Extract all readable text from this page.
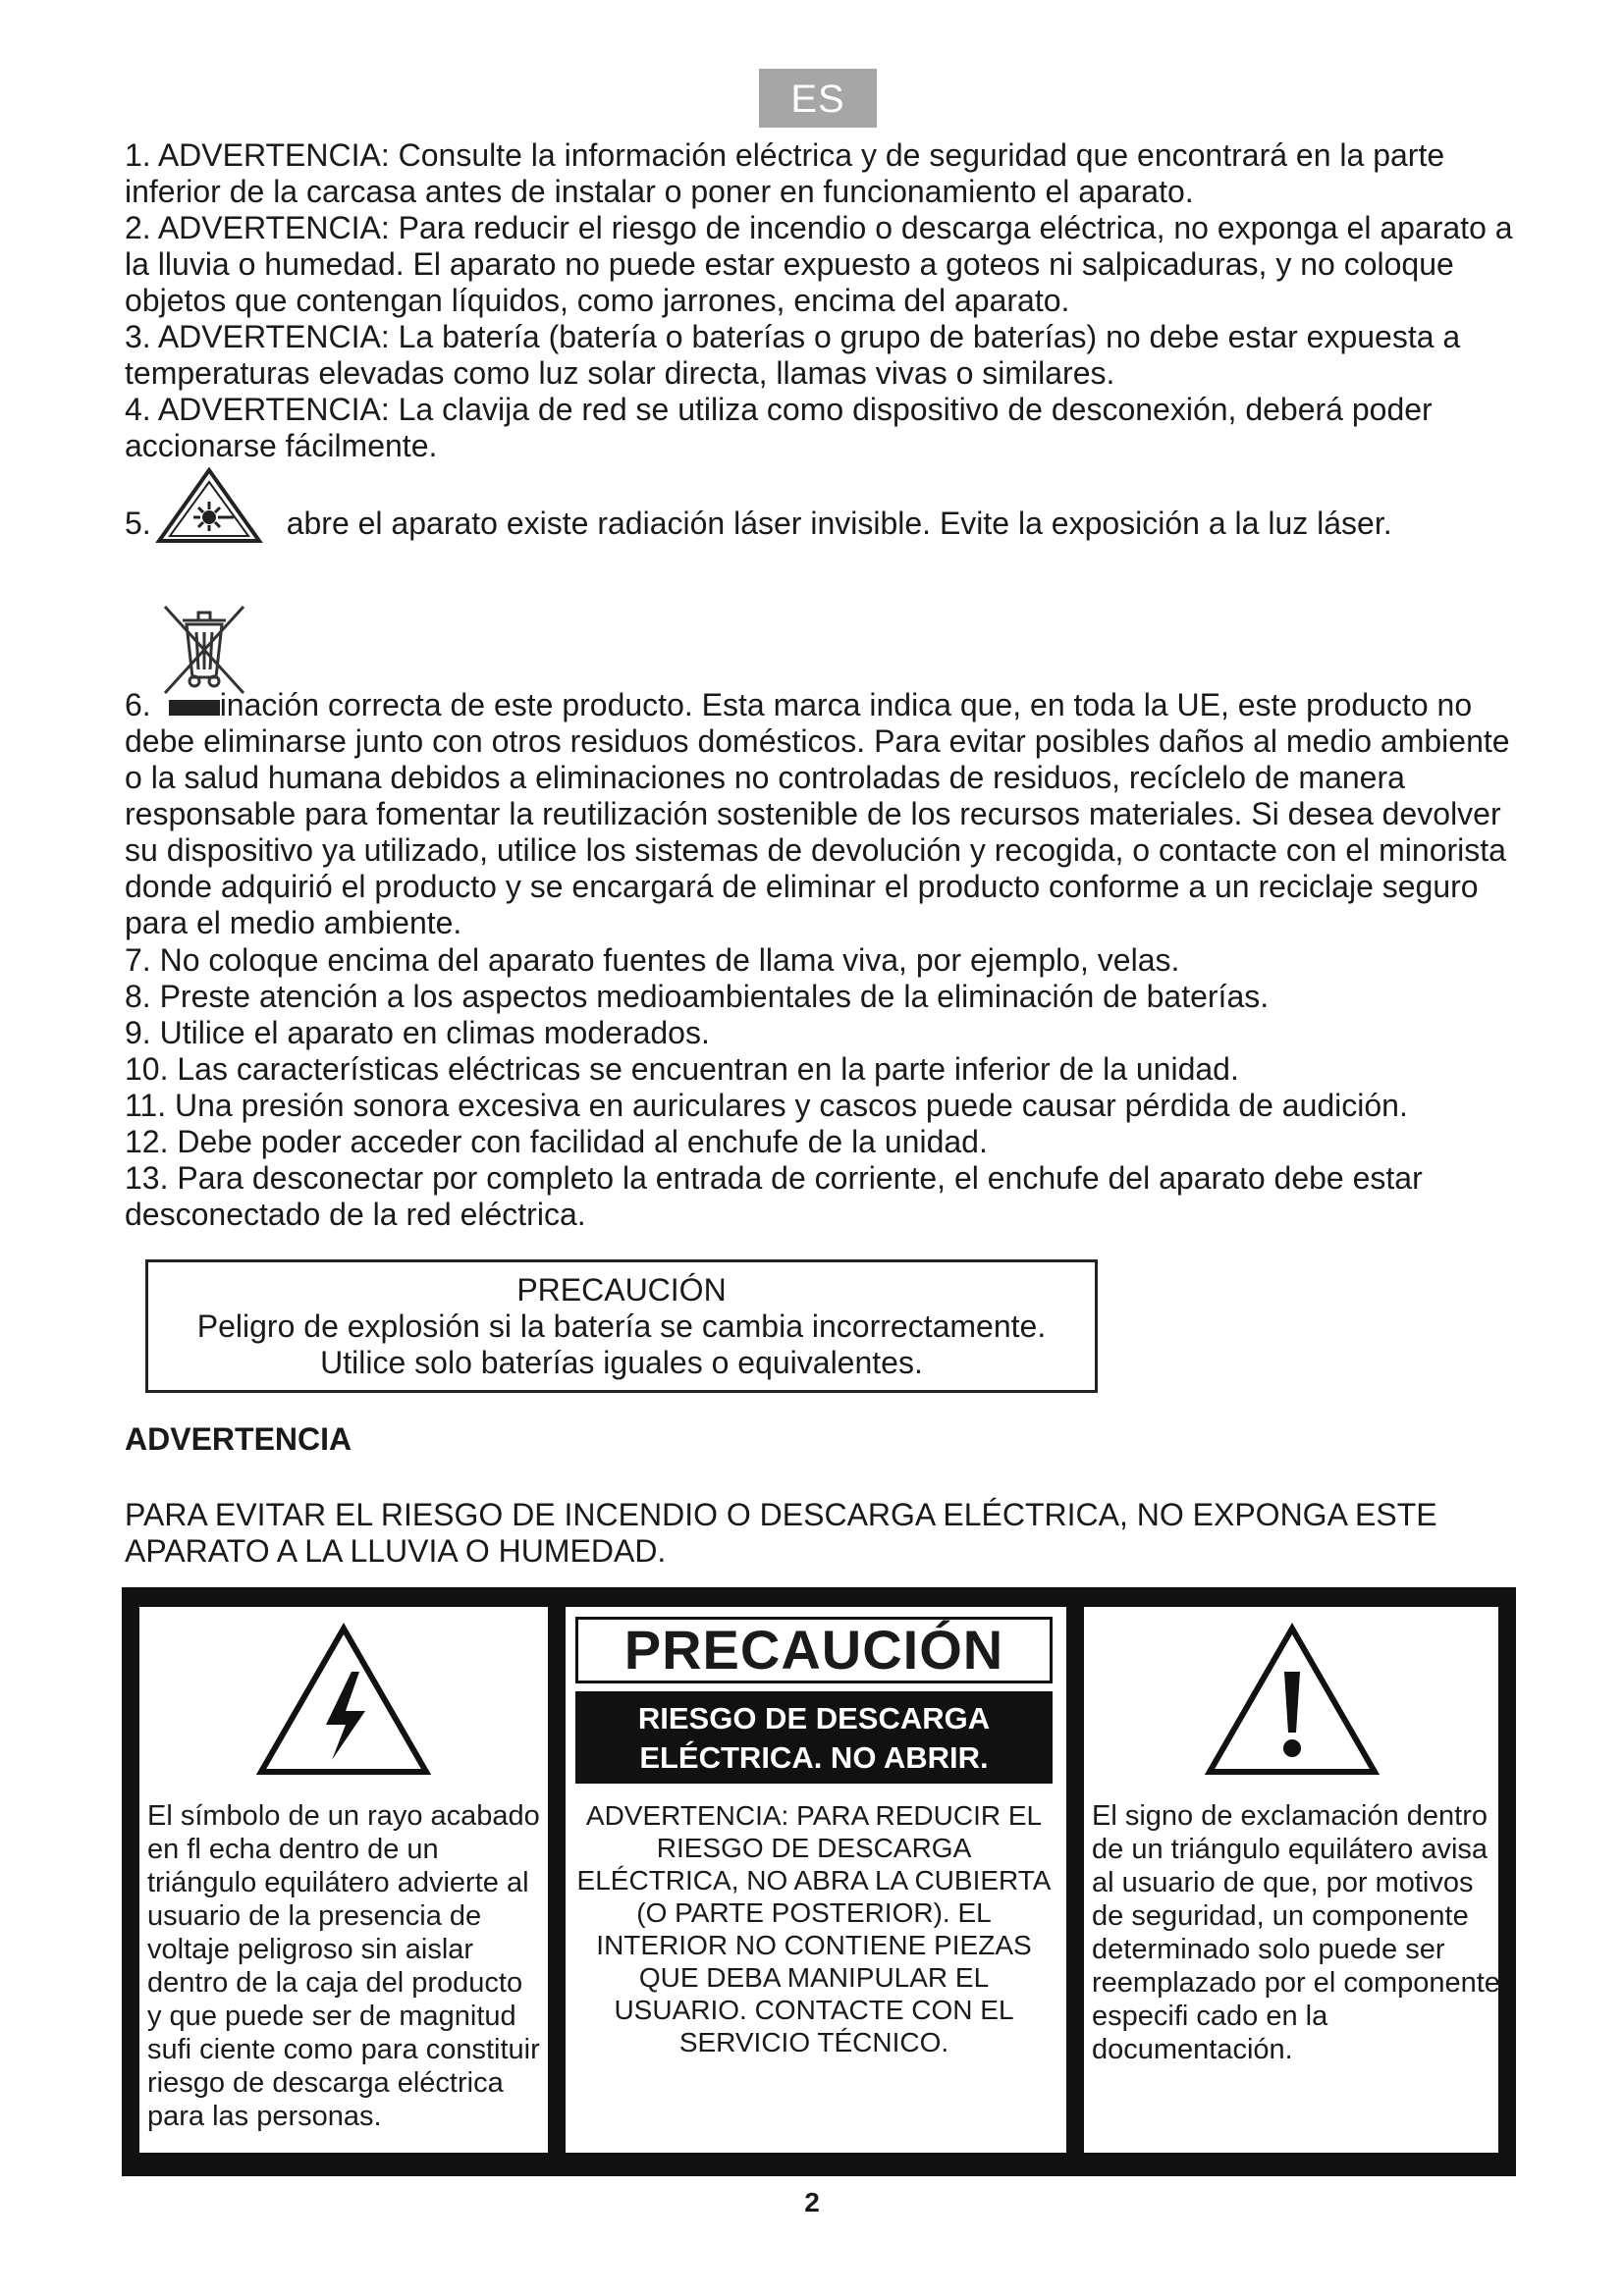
ES

1. ADVERTENCIA: Consulte la información eléctrica y de seguridad que encontrará en la parte inferior de la carcasa antes de instalar o poner en funcionamiento el aparato.

2. ADVERTENCIA: Para reducir el riesgo de incendio o descarga eléctrica, no exponga el aparato a la lluvia o humedad. El aparato no puede estar expuesto a goteos ni salpicaduras, y no coloque objetos que contengan líquidos, como jarrones, encima del aparato.

3. ADVERTENCIA: La batería (batería o baterías o grupo de baterías) no debe estar expuesta a temperaturas elevadas como luz solar directa, llamas vivas o similares.

4. ADVERTENCIA: La clavija de red se utiliza como dispositivo de desconexión, deberá poder accionarse fácilmente.

5.	abre el aparato existe radiación láser invisible. Evite la exposición a la luz láser.

6. inación correcta de este producto. Esta marca indica que, en toda la UE, este producto no debe eliminarse junto con otros residuos domésticos. Para evitar posibles daños al medio ambiente o la salud humana debidos a eliminaciones no controladas de residuos, recíclelo de manera responsable para fomentar la reutilización sostenible de los recursos materiales. Si desea devolver su dispositivo ya utilizado, utilice los sistemas de devolución y recogida, o contacte con el minorista donde adquirió el producto y se encargará de eliminar el producto conforme a un reciclaje seguro para el medio ambiente.

7. No coloque encima del aparato fuentes de llama viva, por ejemplo, velas.

8. Preste atención a los aspectos medioambientales de la eliminación de baterías.

9. Utilice el aparato en climas moderados.

10. Las características eléctricas se encuentran en la parte inferior de la unidad.

11. Una presión sonora excesiva en auriculares y cascos puede causar pérdida de audición.

12. Debe poder acceder con facilidad al enchufe de la unidad.

13. Para desconectar por completo la entrada de corriente, el enchufe del aparato debe estar desconectado de la red eléctrica.

PRECAUCIÓN
Peligro de explosión si la batería se cambia incorrectamente.
Utilice solo baterías iguales o equivalentes.
ADVERTENCIA
PARA EVITAR EL RIESGO DE INCENDIO O DESCARGA ELÉCTRICA, NO EXPONGA ESTE APARATO A LA LLUVIA O HUMEDAD.
El símbolo de un rayo acabado en fl echa dentro de un triángulo equilátero advierte al usuario de la presencia de voltaje peligroso sin aislar dentro de la caja del producto y que puede ser de magnitud sufi ciente como para constituir riesgo de descarga eléctrica para las personas.
PRECAUCIÓN
RIESGO DE DESCARGA
ELÉCTRICA. NO ABRIR.
ADVERTENCIA: PARA REDUCIR EL RIESGO DE DESCARGA ELÉCTRICA, NO ABRA LA CUBIERTA (O PARTE POSTERIOR). EL INTERIOR NO CONTIENE PIEZAS QUE DEBA MANIPULAR EL USUARIO. CONTACTE CON EL SERVICIO TÉCNICO.
El signo de exclamación dentro de un triángulo equilátero avisa al usuario de que, por motivos de seguridad, un componente determinado solo puede ser reemplazado por el componente especifi cado en la documentación.
2
